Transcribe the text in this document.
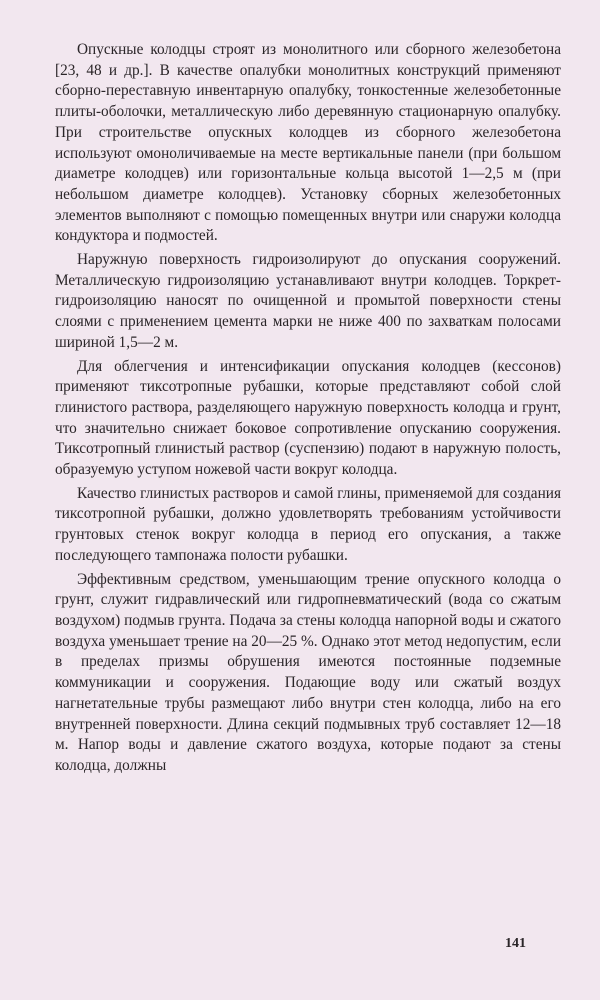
Опускные колодцы строят из монолитного или сборного железобетона [23, 48 и др.]. В качестве опалубки монолитных конструкций применяют сборно-переставную инвентарную опалубку, тонкостенные железобетонные плиты-оболочки, металлическую либо деревянную стационарную опалубку. При строительстве опускных колодцев из сборного железобетона используют омоноличиваемые на месте вертикальные панели (при большом диаметре колодцев) или горизонтальные кольца высотой 1—2,5 м (при небольшом диаметре колодцев). Установку сборных железобетонных элементов выполняют с помощью помещенных внутри или снаружи колодца кондуктора и подмостей.

Наружную поверхность гидроизолируют до опускания сооружений. Металлическую гидроизоляцию устанавливают внутри колодцев. Торкрет-гидроизоляцию наносят по очищенной и промытой поверхности стены слоями с применением цемента марки не ниже 400 по захваткам полосами шириной 1,5—2 м.

Для облегчения и интенсификации опускания колодцев (кессонов) применяют тиксотропные рубашки, которые представляют собой слой глинистого раствора, разделяющего наружную поверхность колодца и грунт, что значительно снижает боковое сопротивление опусканию сооружения. Тиксотропный глинистый раствор (суспензию) подают в наружную полость, образуемую уступом ножевой части вокруг колодца.

Качество глинистых растворов и самой глины, применяемой для создания тиксотропной рубашки, должно удовлетворять требованиям устойчивости грунтовых стенок вокруг колодца в период его опускания, а также последующего тампонажа полости рубашки.

Эффективным средством, уменьшающим трение опускного колодца о грунт, служит гидравлический или гидропневматический (вода со сжатым воздухом) подмыв грунта. Подача за стены колодца напорной воды и сжатого воздуха уменьшает трение на 20—25 %. Однако этот метод недопустим, если в пределах призмы обрушения имеются постоянные подземные коммуникации и сооружения. Подающие воду или сжатый воздух нагнетательные трубы размещают либо внутри стен колодца, либо на его внутренней поверхности. Длина секций подмывных труб составляет 12—18 м. Напор воды и давление сжатого воздуха, которые подают за стены колодца, должны

141
